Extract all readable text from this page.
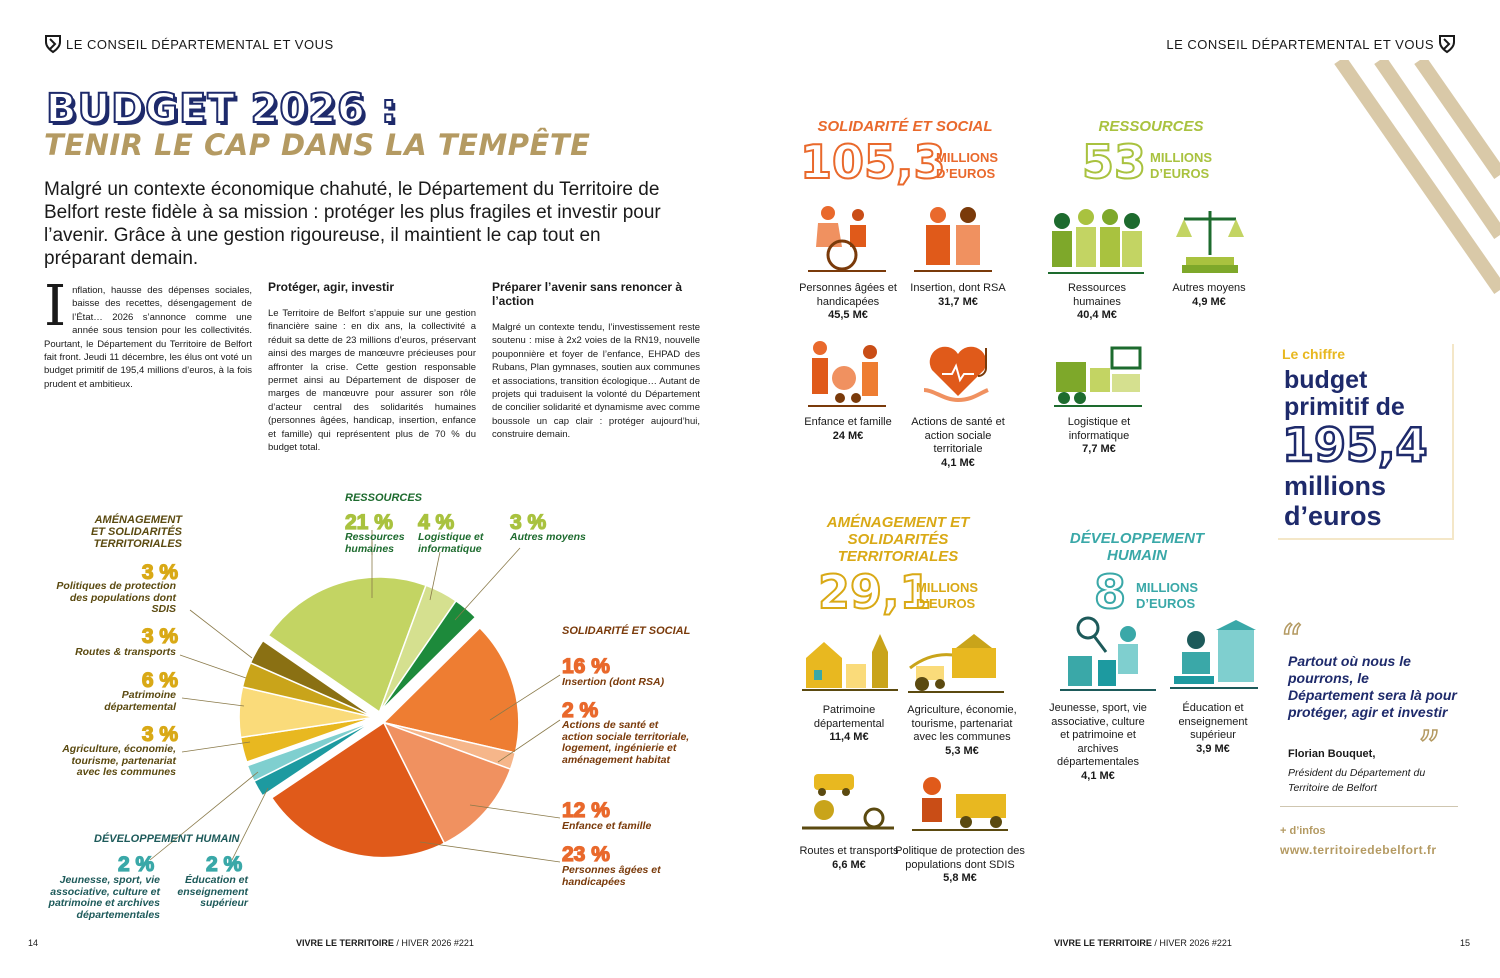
LE CONSEIL DÉPARTEMENTAL ET VOUS	LE CONSEIL DÉPARTEMENTAL ET VOUS
BUDGET 2026 :
TENIR LE CAP DANS LA TEMPÊTE
Malgré un contexte économique chahuté, le Département du Territoire de Belfort reste fidèle à sa mission : protéger les plus fragiles et investir pour l’avenir. Grâce à une gestion rigoureuse, il maintient le cap tout en préparant demain.
Inflation, hausse des dépenses sociales, baisse des recettes, désengagement de l’État… 2026 s’annonce comme une année sous tension pour les collectivités. Pourtant, le Département du Territoire de Belfort fait front. Jeudi 11 décembre, les élus ont voté un budget primitif de 195,4 millions d’euros, à la fois prudent et ambitieux.
Protéger, agir, investir
Le Territoire de Belfort s’appuie sur une gestion financière saine : en dix ans, la collectivité a réduit sa dette de 23 millions d’euros, préservant ainsi des marges de manœuvre précieuses pour affronter la crise. Cette gestion responsable permet ainsi au Département de disposer de marges de manœuvre pour assurer son rôle d’acteur central des solidarités humaines (personnes âgées, handicap, insertion, enfance et famille) qui représentent plus de 70 % du budget total.
Préparer l’avenir sans renoncer à l’action
Malgré un contexte tendu, l’investissement reste soutenu : mise à 2x2 voies de la RN19, nouvelle pouponnière et foyer de l’enfance, EHPAD des Rubans, Plan gymnases, soutien aux communes et associations, transition écologique… Autant de projets qui traduisent la volonté du Département de concilier solidarité et dynamisme avec comme boussole un cap clair : protéger aujourd’hui, construire demain.
RESSOURCES
21 %
Ressources humaines
4 %
Logistique et informatique
3 %
Autres moyens
AMÉNAGEMENT ET SOLIDARITÉS TERRITORIALES
3 %
Politiques de protection des populations dont SDIS
3 %
Routes & transports
6 %
Patrimoine départemental
3 %
Agriculture, économie, tourisme, partenariat avec les communes
SOLIDARITÉ ET SOCIAL
16 %
Insertion (dont RSA)
2 %
Actions de santé et action sociale territoriale, logement, ingénierie et aménagement habitat
12 %
Enfance et famille
23 %
Personnes âgées et handicapées
DÉVELOPPEMENT HUMAIN
2 %
Jeunesse, sport, vie associative, culture et patrimoine et archives départementales
2 %
Éducation et enseignement supérieur
SOLIDARITÉ ET SOCIAL
105,3
MILLIONS
D’EUROS
Personnes âgées et handicapées
45,5 M€
Insertion, dont RSA
31,7 M€
Enfance et famille
24 M€
Actions de santé et action sociale territoriale
4,1 M€
RESSOURCES
53 MILLIONS
D’EUROS
Ressources humaines
40,4 M€
Autres moyens
4,9 M€
Logistique et informatique
7,7 M€
AMÉNAGEMENT ET SOLIDARITÉS TERRITORIALES
29,1
MILLIONS
D’EUROS
Patrimoine départemental
11,4 M€
Agriculture, économie, tourisme, partenariat avec les communes
5,3 M€
Routes et transports
6,6 M€
Politique de protection des populations dont SDIS
5,8 M€
DÉVELOPPEMENT HUMAIN
8 MILLIONS
D’EUROS
Jeunesse, sport, vie associative, culture et patrimoine et archives départementales
4,1 M€
Éducation et enseignement supérieur
3,9 M€
Le chiffre
budget
primitif de
195,4
millions
d’euros
“
Partout où nous le pourrons, le Département sera là pour protéger, agir et investir
”
Florian Bouquet,
Président du Département du Territoire de Belfort
+ d’infos
www.territoiredebelfort.fr
14	VIVRE LE TERRITOIRE / HIVER 2026 #221	VIVRE LE TERRITOIRE / HIVER 2026 #221	15
